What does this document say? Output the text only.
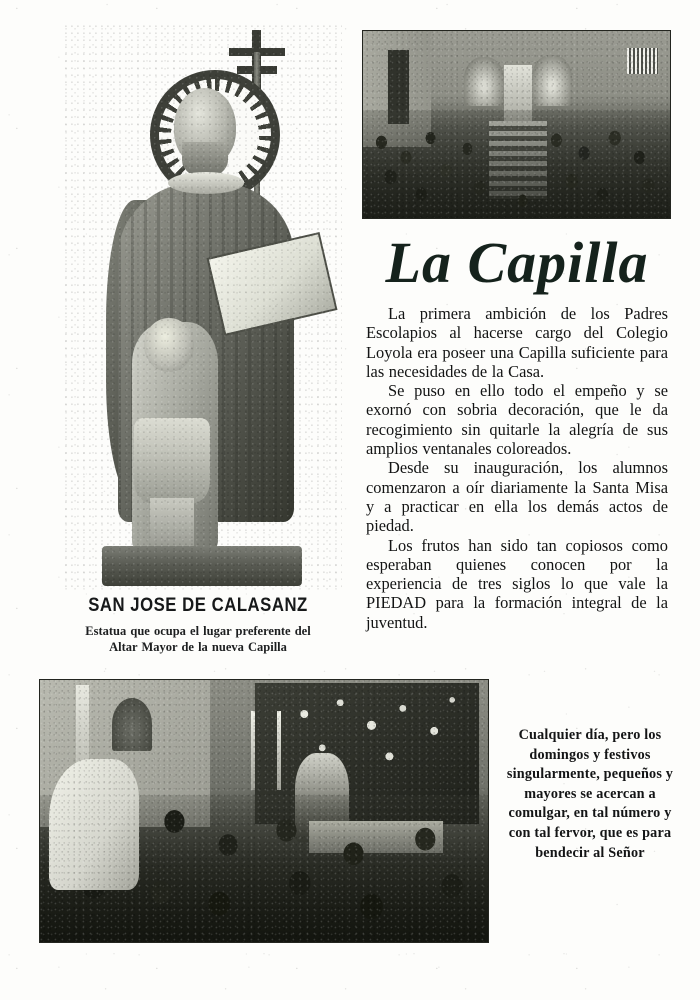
SAN JOSE DE CALASANZ
Estatua que ocupa el lugar preferente del
Altar Mayor de la nueva Capilla
La Capilla

La primera ambición de los Padres Escolapios al hacerse cargo del Colegio Loyola era poseer una Capilla suficiente para las necesidades de la Casa.

Se puso en ello todo el empeño y se exornó con sobria decoración, que le da recogimiento sin quitarle la alegría de sus amplios ventanales coloreados.

Desde su inauguración, los alumnos comenzaron a oír diariamente la Santa Misa y a practicar en ella los demás actos de piedad.

Los frutos han sido tan copiosos como esperaban quienes conocen por la experiencia de tres siglos lo que vale la PIEDAD para la formación integral de la juventud.

Cualquier día, pero los domingos y festivos singularmente, pequeños y mayores se acercan a comulgar, en tal número y con tal fervor, que es para bendecir al Señor
